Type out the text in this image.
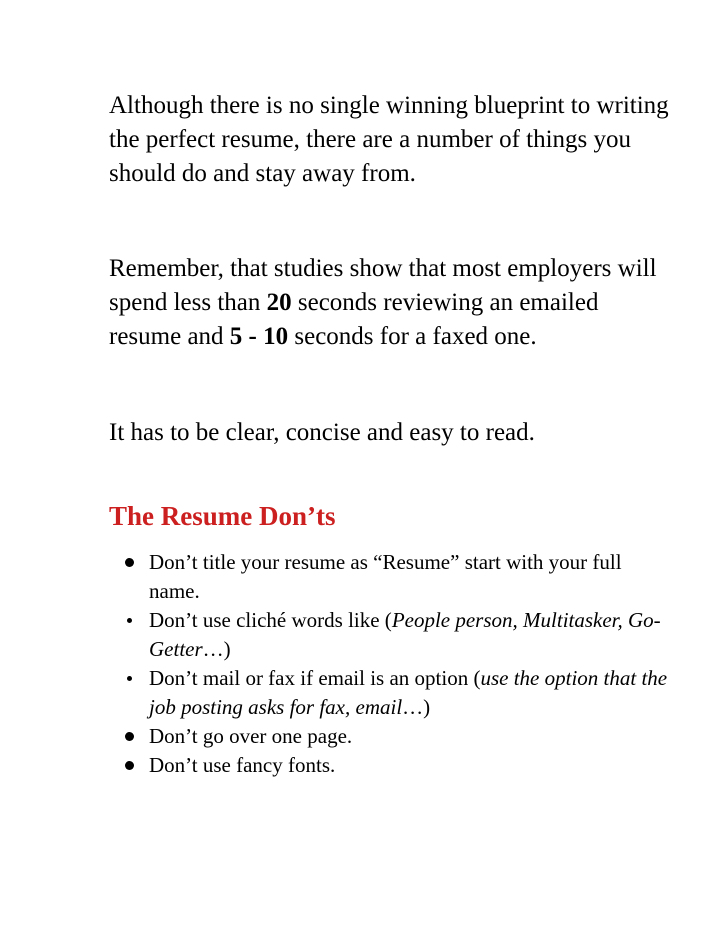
Although there is no single winning blueprint to writing the perfect resume, there are a number of things you should do and stay away from.

Remember, that studies show that most employers will spend less than 20 seconds reviewing an emailed resume and 5 - 10 seconds for a faxed one.

It has to be clear, concise and easy to read.

The Resume Don’ts
Don’t title your resume as “Resume” start with your full name.
Don’t use cliché words like (People person, Multitasker, Go-Getter…)
Don’t mail or fax if email is an option (use the option that the job posting asks for fax, email…)
Don’t go over one page.
Don’t use fancy fonts.
